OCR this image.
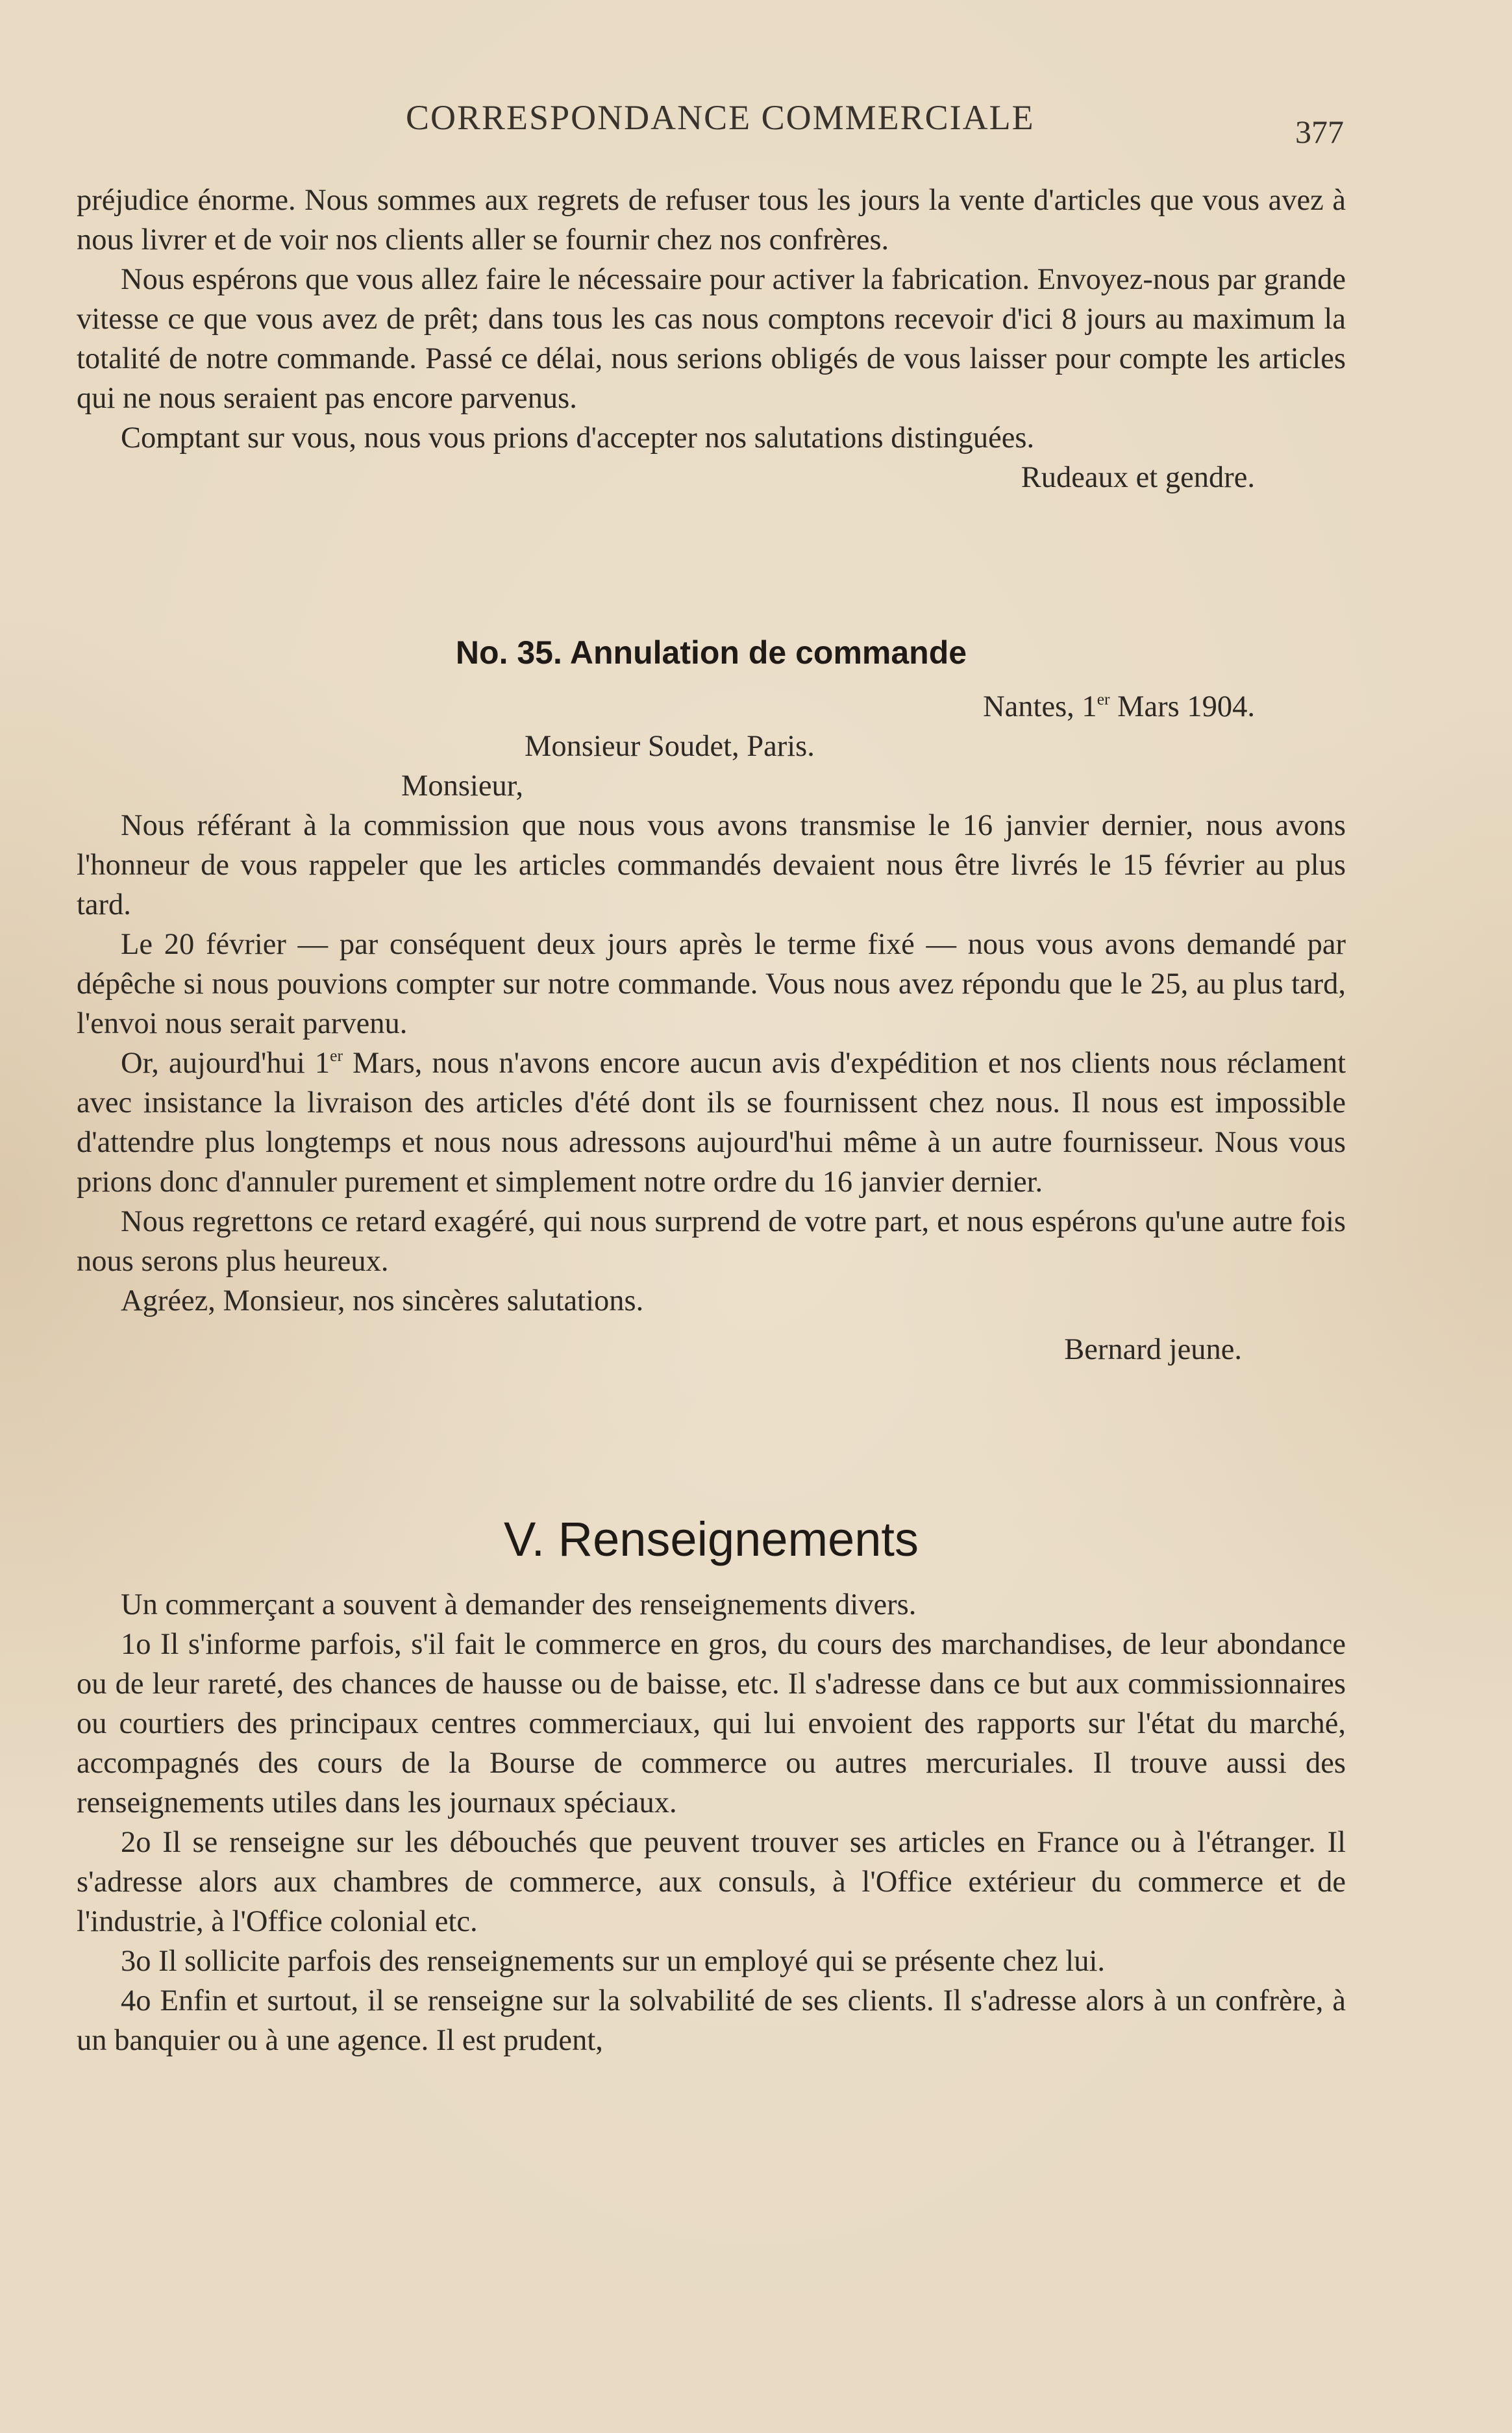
CORRESPONDANCE COMMERCIALE	377

préjudice énorme. Nous sommes aux regrets de refuser tous les jours la vente d'articles que vous avez à nous livrer et de voir nos clients aller se fournir chez nos confrères.

Nous espérons que vous allez faire le nécessaire pour activer la fabrication. Envoyez-nous par grande vitesse ce que vous avez de prêt; dans tous les cas nous comptons recevoir d'ici 8 jours au maximum la totalité de notre commande. Passé ce délai, nous serions obligés de vous laisser pour compte les articles qui ne nous seraient pas encore parvenus.

Comptant sur vous, nous vous prions d'accepter nos salutations distinguées.

Rudeaux et gendre.

No. 35. Annulation de commande

Nantes, 1er Mars 1904.

Monsieur Soudet, Paris.

Monsieur,

Nous référant à la commission que nous vous avons transmise le 16 janvier dernier, nous avons l'honneur de vous rappeler que les articles commandés devaient nous être livrés le 15 février au plus tard.

Le 20 février — par conséquent deux jours après le terme fixé — nous vous avons demandé par dépêche si nous pouvions compter sur notre commande. Vous nous avez répondu que le 25, au plus tard, l'envoi nous serait parvenu.

Or, aujourd'hui 1er Mars, nous n'avons encore aucun avis d'expédition et nos clients nous réclament avec insistance la livraison des articles d'été dont ils se fournissent chez nous. Il nous est impossible d'attendre plus longtemps et nous nous adressons aujourd'hui même à un autre fournisseur. Nous vous prions donc d'annuler purement et simplement notre ordre du 16 janvier dernier.

Nous regrettons ce retard exagéré, qui nous surprend de votre part, et nous espérons qu'une autre fois nous serons plus heureux.

Agréez, Monsieur, nos sincères salutations.

Bernard jeune.

V. Renseignements

Un commerçant a souvent à demander des renseignements divers.

1o Il s'informe parfois, s'il fait le commerce en gros, du cours des marchandises, de leur abondance ou de leur rareté, des chances de hausse ou de baisse, etc. Il s'adresse dans ce but aux commissionnaires ou courtiers des principaux centres commerciaux, qui lui envoient des rapports sur l'état du marché, accompagnés des cours de la Bourse de commerce ou autres mercuriales. Il trouve aussi des renseignements utiles dans les journaux spéciaux.

2o Il se renseigne sur les débouchés que peuvent trouver ses articles en France ou à l'étranger. Il s'adresse alors aux chambres de commerce, aux consuls, à l'Office extérieur du commerce et de l'industrie, à l'Office colonial etc.

3o Il sollicite parfois des renseignements sur un employé qui se présente chez lui.

4o Enfin et surtout, il se renseigne sur la solvabilité de ses clients. Il s'adresse alors à un confrère, à un banquier ou à une agence. Il est prudent,
